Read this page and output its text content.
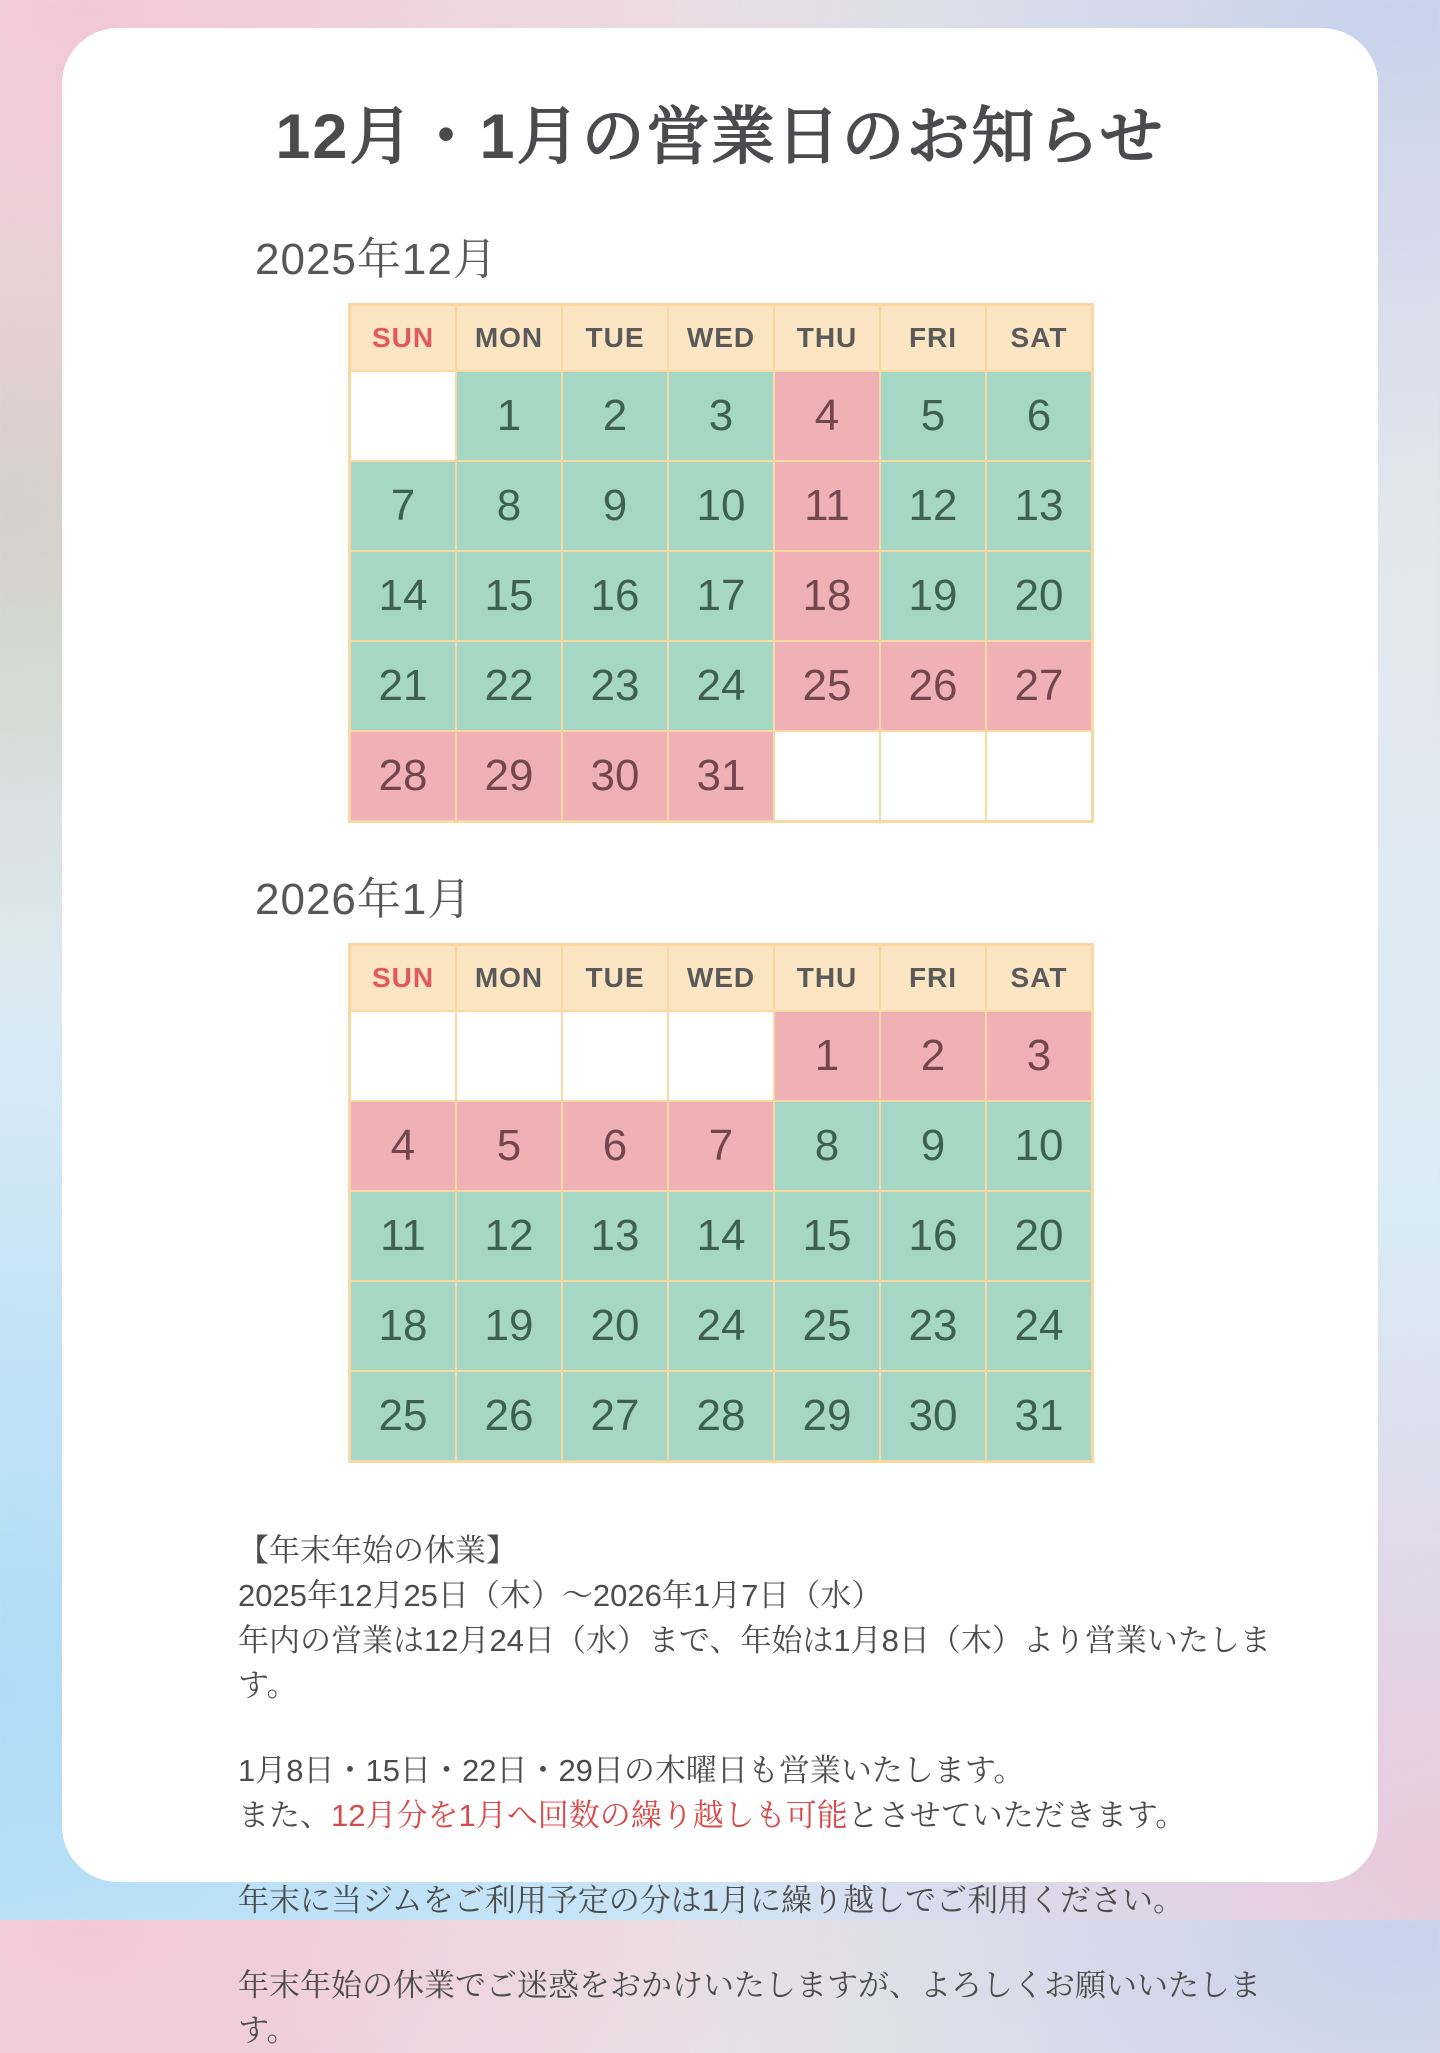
12月・1月の営業日のお知らせ
2025年12月
SUN	MON	TUE	WED	THU	FRI	SAT
	1	2	3	4	5	6
7	8	9	10	11	12	13
14	15	16	17	18	19	20
21	22	23	24	25	26	27
28	29	30	31			
2026年1月
SUN	MON	TUE	WED	THU	FRI	SAT
				1	2	3
4	5	6	7	8	9	10
11	12	13	14	15	16	20
18	19	20	24	25	23	24
25	26	27	28	29	30	31

【年末年始の休業】

2025年12月25日（木）～2026年1月7日（水）

年内の営業は12月24日（水）まで、年始は1月8日（木）より営業いたします。

1月8日・15日・22日・29日の木曜日も営業いたします。

また、12月分を1月へ回数の繰り越しも可能とさせていただきます。

年末に当ジムをご利用予定の分は1月に繰り越しでご利用ください。

年末年始の休業でご迷惑をおかけいたしますが、よろしくお願いいたします。
